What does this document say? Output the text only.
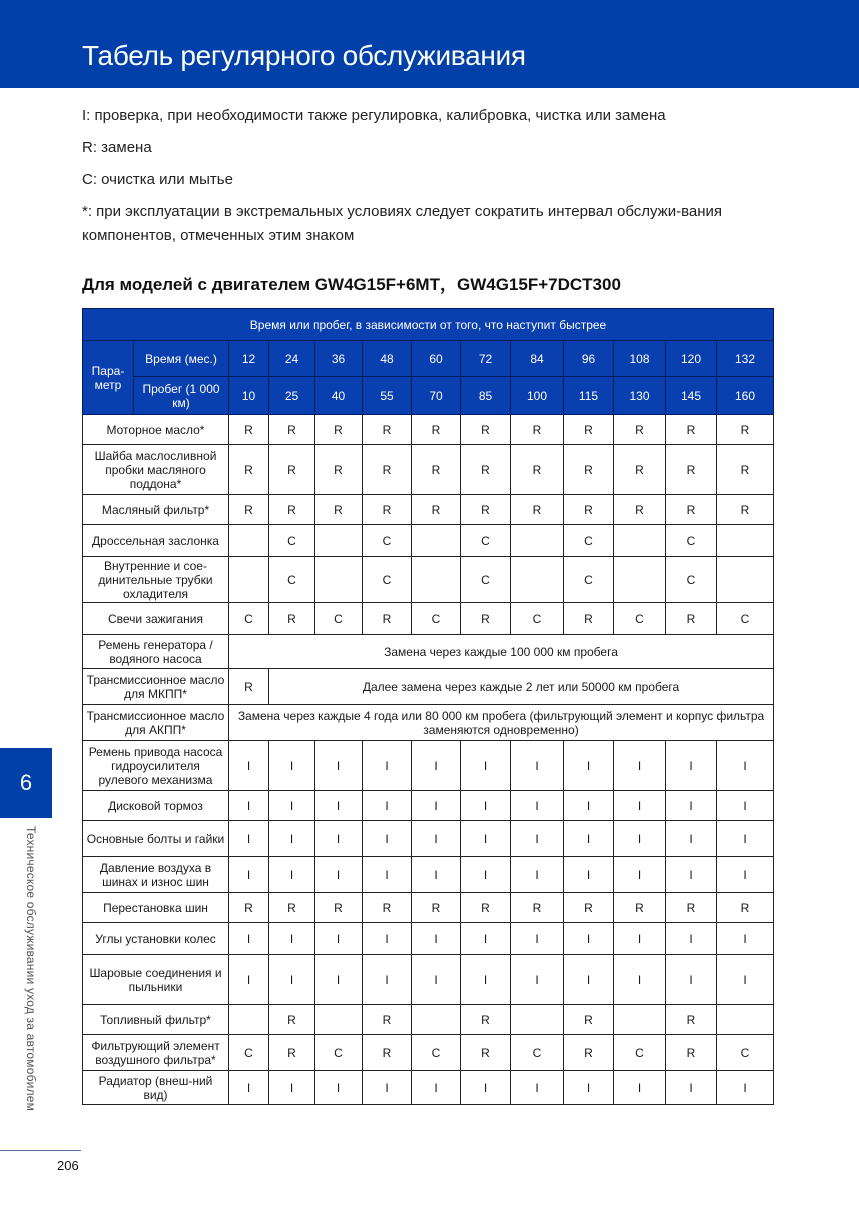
Табель регулярного обслуживания
I: проверка, при необходимости также регулировка, калибровка, чистка или замена
R: замена
C: очистка или мытье
*: при эксплуатации в экстремальных условиях следует сократить интервал обслужи-вания компонентов, отмеченных этим знаком
Для моделей с двигателем GW4G15F+6MT，GW4G15F+7DCT300
Время или пробег, в зависимости от того, что наступит быстрее												
Пара-метр	Время (мес.)	12	24	36	48	60	72	84	96	108	120	132
	Пробег (1 000 км)	10	25	40	55	70	85	100	115	130	145	160
Моторное масло*		R	R	R	R	R	R	R	R	R	R	R
Шайба маслосливной пробки масляного поддона*		R	R	R	R	R	R	R	R	R	R	R
Масляный фильтр*		R	R	R	R	R	R	R	R	R	R	R
Дроссельная заслонка			C		C		C		C		C	
Внутренние и сое-динительные трубки охладителя			C		C		C		C		C	
Свечи зажигания		C	R	C	R	C	R	C	R	C	R	C
Ремень генератора / водяного насоса		Замена через каждые 100 000 км пробега										
Трансмиссионное масло для МКПП*		R	Далее замена через каждые 2 лет или 50000 км пробега									
Трансмиссионное масло для АКПП*		Замена через каждые 4 года или 80 000 км пробега (фильтрующий элемент и корпус фильтра заменяются одновременно)										
Ремень привода насоса гидроусилителя рулевого механизма		I	I	I	I	I	I	I	I	I	I	I
Дисковой тормоз		I	I	I	I	I	I	I	I	I	I	I
Основные болты и гайки		I	I	I	I	I	I	I	I	I	I	I
Давление воздуха в шинах и износ шин		I	I	I	I	I	I	I	I	I	I	I
Перестановка шин		R	R	R	R	R	R	R	R	R	R	R
Углы установки колес		I	I	I	I	I	I	I	I	I	I	I
Шаровые соединения и пыльники		I	I	I	I	I	I	I	I	I	I	I
Топливный фильтр*			R		R		R		R		R	
Фильтрующий элемент воздушного фильтра*		C	R	C	R	C	R	C	R	C	R	C
Радиатор (внеш-ний вид)		I	I	I	I	I	I	I	I	I	I	I
6
Техническое обслуживании уход за автомобилем
206
